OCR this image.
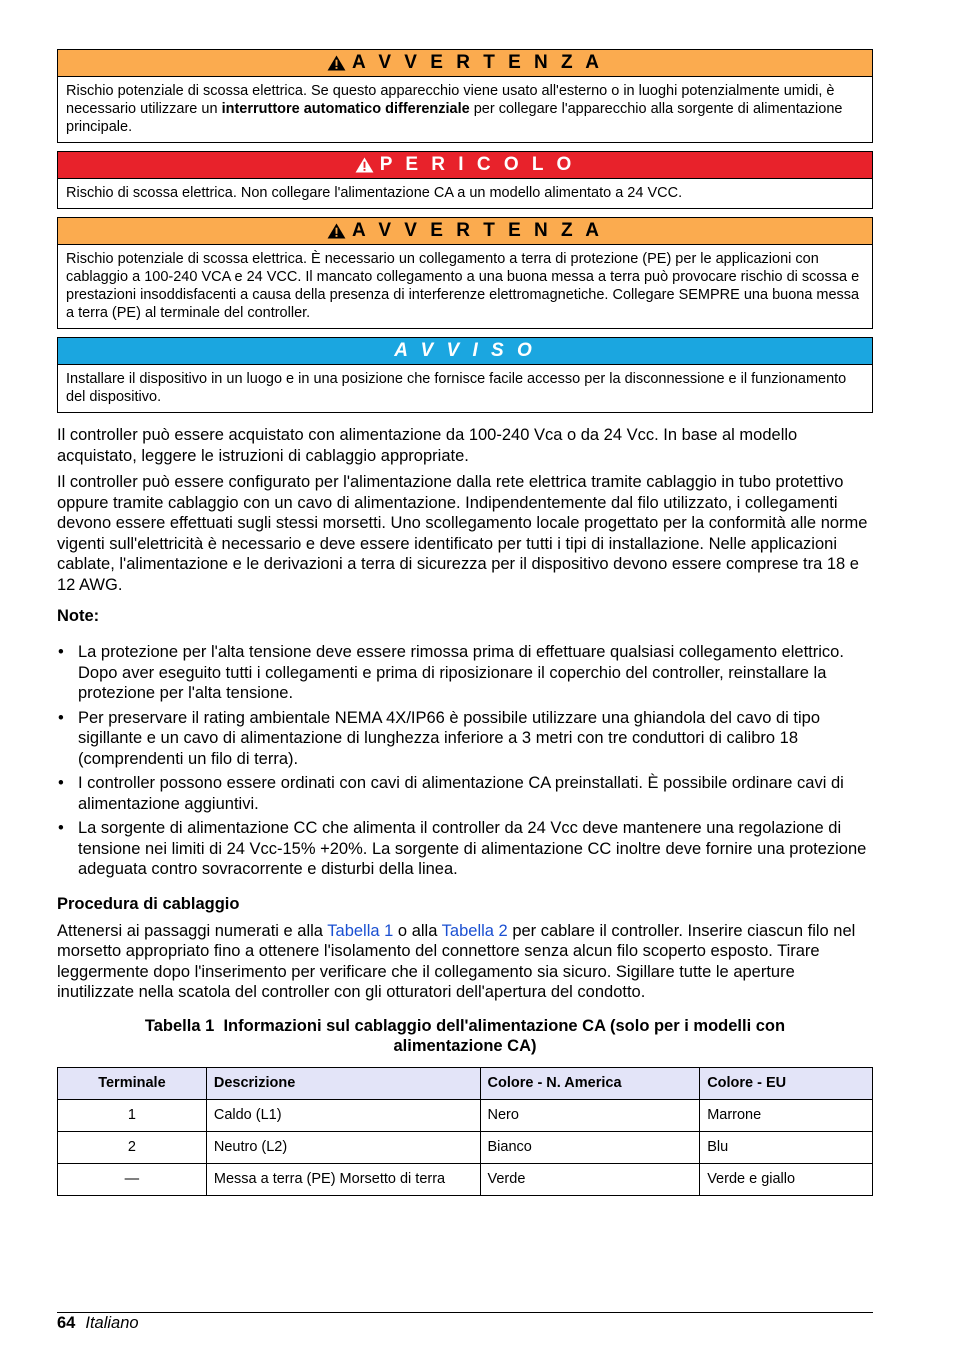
A V V E R T E N Z A
Rischio potenziale di scossa elettrica. Se questo apparecchio viene usato all'esterno o in luoghi potenzialmente umidi, è necessario utilizzare un interruttore automatico differenziale per collegare l'apparecchio alla sorgente di alimentazione principale.
P E R I C O L O
Rischio di scossa elettrica. Non collegare l'alimentazione CA a un modello alimentato a 24 VCC.
A V V E R T E N Z A
Rischio potenziale di scossa elettrica. È necessario un collegamento a terra di protezione (PE) per le applicazioni con cablaggio a 100-240 VCA e 24 VCC. Il mancato collegamento a una buona messa a terra può provocare rischio di scossa e prestazioni insoddisfacenti a causa della presenza di interferenze elettromagnetiche. Collegare SEMPRE una buona messa a terra (PE) al terminale del controller.
A V V I S O
Installare il dispositivo in un luogo e in una posizione che fornisce facile accesso per la disconnessione e il funzionamento del dispositivo.

Il controller può essere acquistato con alimentazione da 100-240 Vca o da 24 Vcc. In base al modello acquistato, leggere le istruzioni di cablaggio appropriate.

Il controller può essere configurato per l'alimentazione dalla rete elettrica tramite cablaggio in tubo protettivo oppure tramite cablaggio con un cavo di alimentazione. Indipendentemente dal filo utilizzato, i collegamenti devono essere effettuati sugli stessi morsetti. Uno scollegamento locale progettato per la conformità alle norme vigenti sull'elettricità è necessario e deve essere identificato per tutti i tipi di installazione. Nelle applicazioni cablate, l'alimentazione e le derivazioni a terra di sicurezza per il dispositivo devono essere comprese tra 18 e 12 AWG.

Note:
• La protezione per l'alta tensione deve essere rimossa prima di effettuare qualsiasi collegamento elettrico. Dopo aver eseguito tutti i collegamenti e prima di riposizionare il coperchio del controller, reinstallare la protezione per l'alta tensione.
• Per preservare il rating ambientale NEMA 4X/IP66 è possibile utilizzare una ghiandola del cavo di tipo sigillante e un cavo di alimentazione di lunghezza inferiore a 3 metri con tre conduttori di calibro 18 (comprendenti un filo di terra).
• I controller possono essere ordinati con cavi di alimentazione CA preinstallati. È possibile ordinare cavi di alimentazione aggiuntivi.
• La sorgente di alimentazione CC che alimenta il controller da 24 Vcc deve mantenere una regolazione di tensione nei limiti di 24 Vcc-15% +20%. La sorgente di alimentazione CC inoltre deve fornire una protezione adeguata contro sovracorrente e disturbi della linea.
Procedura di cablaggio

Attenersi ai passaggi numerati e alla Tabella 1 o alla Tabella 2 per cablare il controller. Inserire ciascun filo nel morsetto appropriato fino a ottenere l'isolamento del connettore senza alcun filo scoperto esposto. Tirare leggermente dopo l'inserimento per verificare che il collegamento sia sicuro. Sigillare tutte le aperture inutilizzate nella scatola del controller con gli otturatori dell'apertura del condotto.

Tabella 1  Informazioni sul cablaggio dell'alimentazione CA (solo per i modelli con
alimentazione CA)
Terminale	Descrizione	Colore - N. America	Colore - EU
1	Caldo (L1)	Nero	Marrone
2	Neutro (L2)	Bianco	Blu
—	Messa a terra (PE) Morsetto di terra	Verde	Verde e giallo
64 Italiano
